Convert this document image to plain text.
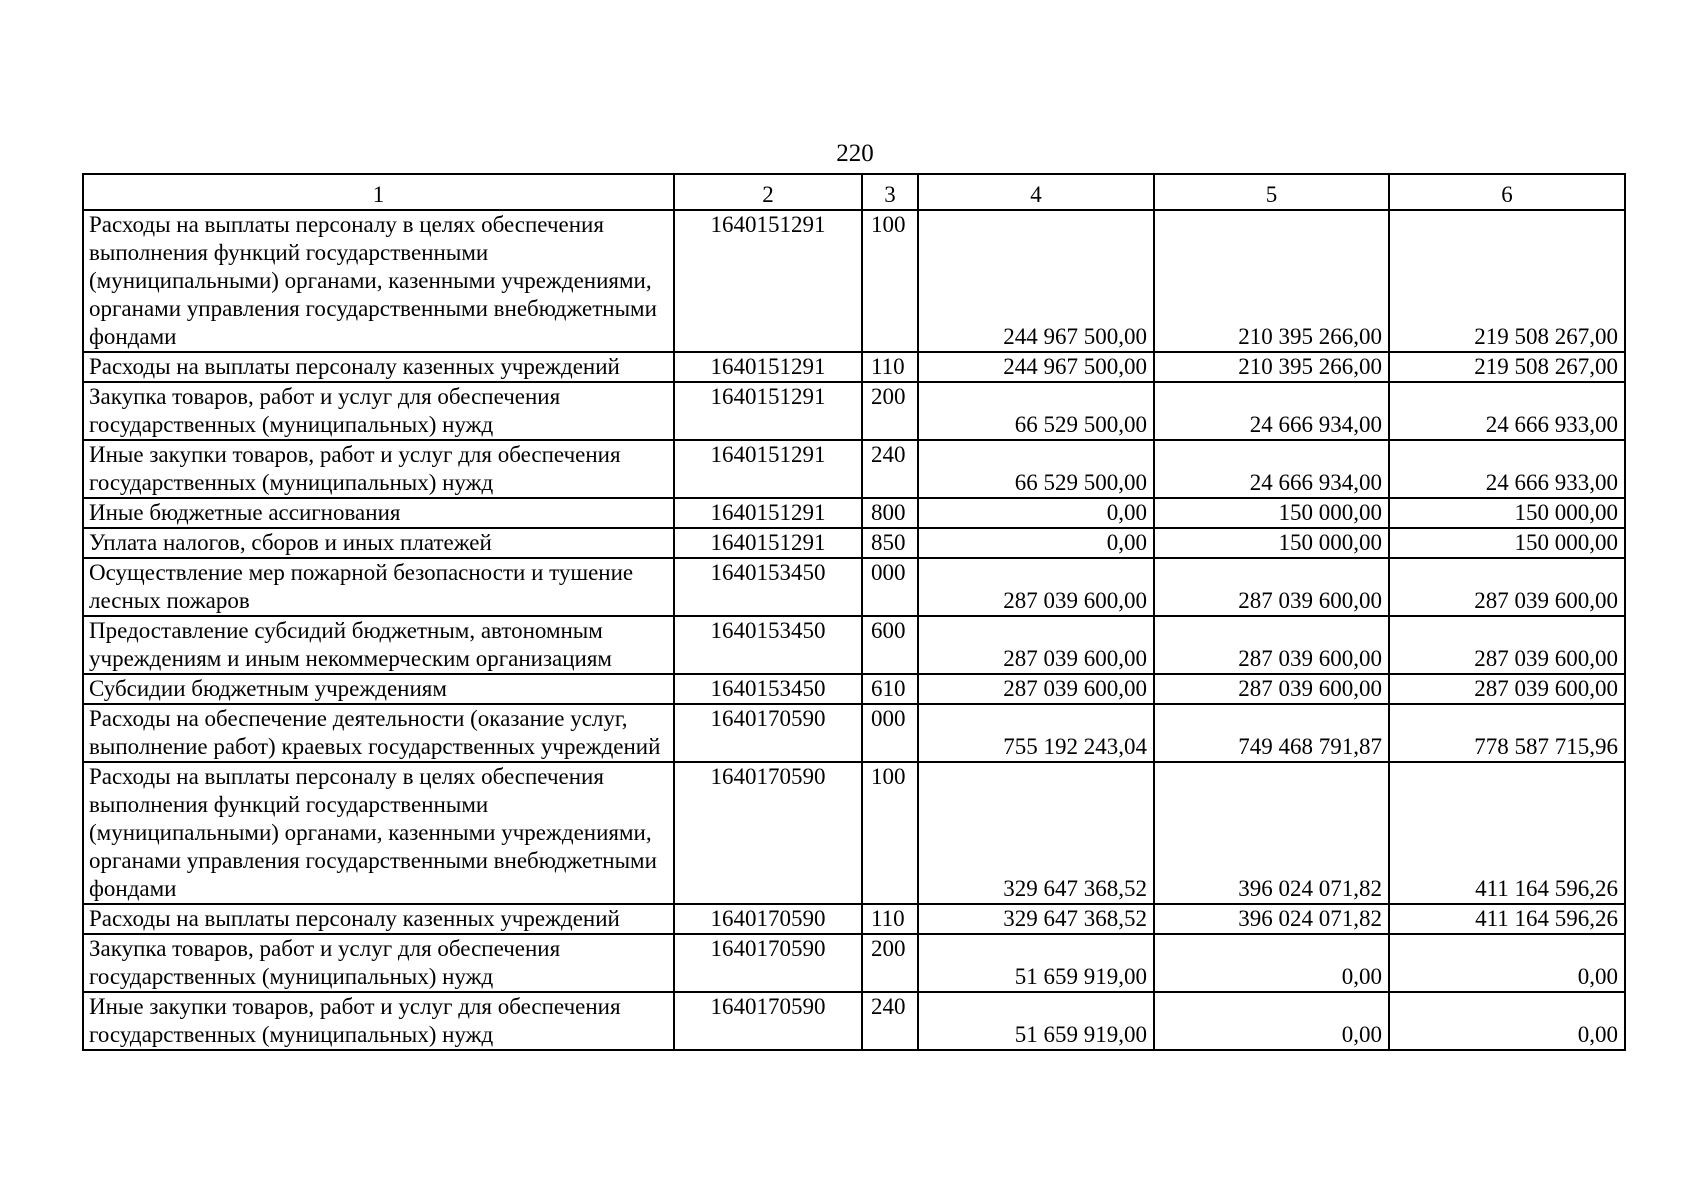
220
1	2	3	4	5	6
Расходы на выплаты персоналу в целях обеспечения выполнения функций государственными (муниципальными) органами, казенными учреждениями, органами управления государственными внебюджетными фондами	1640151291	100	244 967 500,00	210 395 266,00	219 508 267,00
Расходы на выплаты персоналу казенных учреждений	1640151291	110	244 967 500,00	210 395 266,00	219 508 267,00
Закупка товаров, работ и услуг для обеспечения государственных (муниципальных) нужд	1640151291	200	66 529 500,00	24 666 934,00	24 666 933,00
Иные закупки товаров, работ и услуг для обеспечения государственных (муниципальных) нужд	1640151291	240	66 529 500,00	24 666 934,00	24 666 933,00
Иные бюджетные ассигнования	1640151291	800	0,00	150 000,00	150 000,00
Уплата налогов, сборов и иных платежей	1640151291	850	0,00	150 000,00	150 000,00
Осуществление мер пожарной безопасности и тушение лесных пожаров	1640153450	000	287 039 600,00	287 039 600,00	287 039 600,00
Предоставление субсидий бюджетным, автономным учреждениям и иным некоммерческим организациям	1640153450	600	287 039 600,00	287 039 600,00	287 039 600,00
Субсидии бюджетным учреждениям	1640153450	610	287 039 600,00	287 039 600,00	287 039 600,00
Расходы на обеспечение деятельности (оказание услуг, выполнение работ) краевых государственных учреждений	1640170590	000	755 192 243,04	749 468 791,87	778 587 715,96
Расходы на выплаты персоналу в целях обеспечения выполнения функций государственными (муниципальными) органами, казенными учреждениями, органами управления государственными внебюджетными фондами	1640170590	100	329 647 368,52	396 024 071,82	411 164 596,26
Расходы на выплаты персоналу казенных учреждений	1640170590	110	329 647 368,52	396 024 071,82	411 164 596,26
Закупка товаров, работ и услуг для обеспечения государственных (муниципальных) нужд	1640170590	200	51 659 919,00	0,00	0,00
Иные закупки товаров, работ и услуг для обеспечения государственных (муниципальных) нужд	1640170590	240	51 659 919,00	0,00	0,00
